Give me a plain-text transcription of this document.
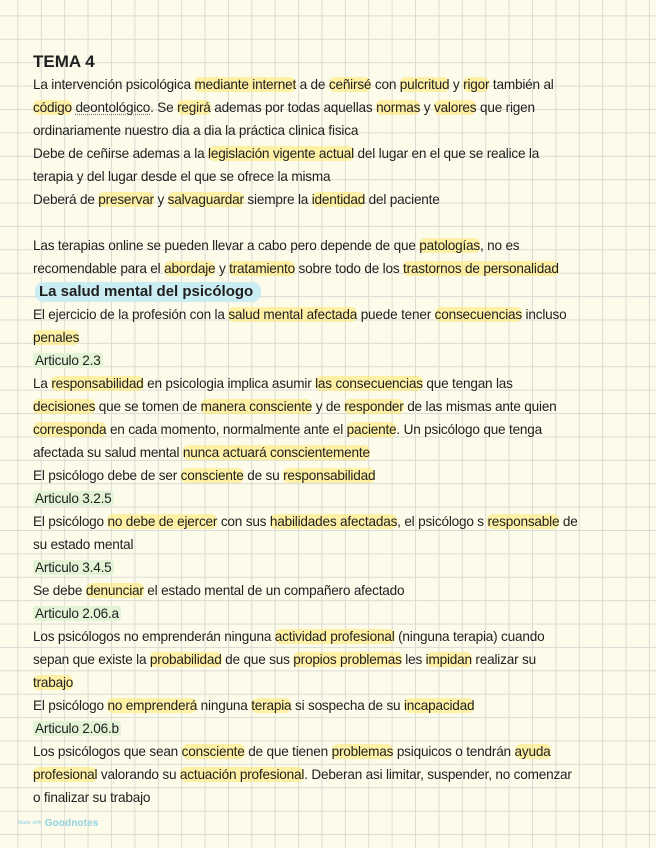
TEMA 4
La intervención psicológica mediante internet a de ceñirsé con pulcritud y rigor también al
código deontológico. Se regirá ademas por todas aquellas normas y valores que rigen
ordinariamente nuestro dia a dia la práctica clinica fisica
Debe de ceñirse ademas a la legislación vigente actual del lugar en el que se realice la
terapia y del lugar desde el que se ofrece la misma
Deberá de preservar y salvaguardar siempre la identidad del paciente
Las terapias online se pueden llevar a cabo pero depende de que patologías, no es
recomendable para el abordaje y tratamiento sobre todo de los trastornos de personalidad
La salud mental del psicólogo
El ejercicio de la profesión con la salud mental afectada puede tener consecuencias incluso
penales
Articulo 2.3
La responsabilidad en psicologia implica asumir las consecuencias que tengan las
decisiones que se tomen de manera consciente y de responder de las mismas ante quien
corresponda en cada momento, normalmente ante el paciente. Un psicólogo que tenga
afectada su salud mental nunca actuará conscientemente
El psicólogo debe de ser consciente de su responsabilidad
Articulo 3.2.5
El psicólogo no debe de ejercer con sus habilidades afectadas, el psicólogo s responsable de
su estado mental
Articulo 3.4.5
Se debe denunciar el estado mental de un compañero afectado
Articulo 2.06.a
Los psicólogos no emprenderán ninguna actividad profesional (ninguna terapia) cuando
sepan que existe la probabilidad de que sus propios problemas les impidan realizar su
trabajo
El psicólogo no emprenderá ninguna terapia si sospecha de su incapacidad
Articulo 2.06.b
Los psicólogos que sean consciente de que tienen problemas psiquicos o tendrán ayuda
profesional valorando su actuación profesional. Deberan asi limitar, suspender, no comenzar
o finalizar su trabajo
Made with Goodnotes
